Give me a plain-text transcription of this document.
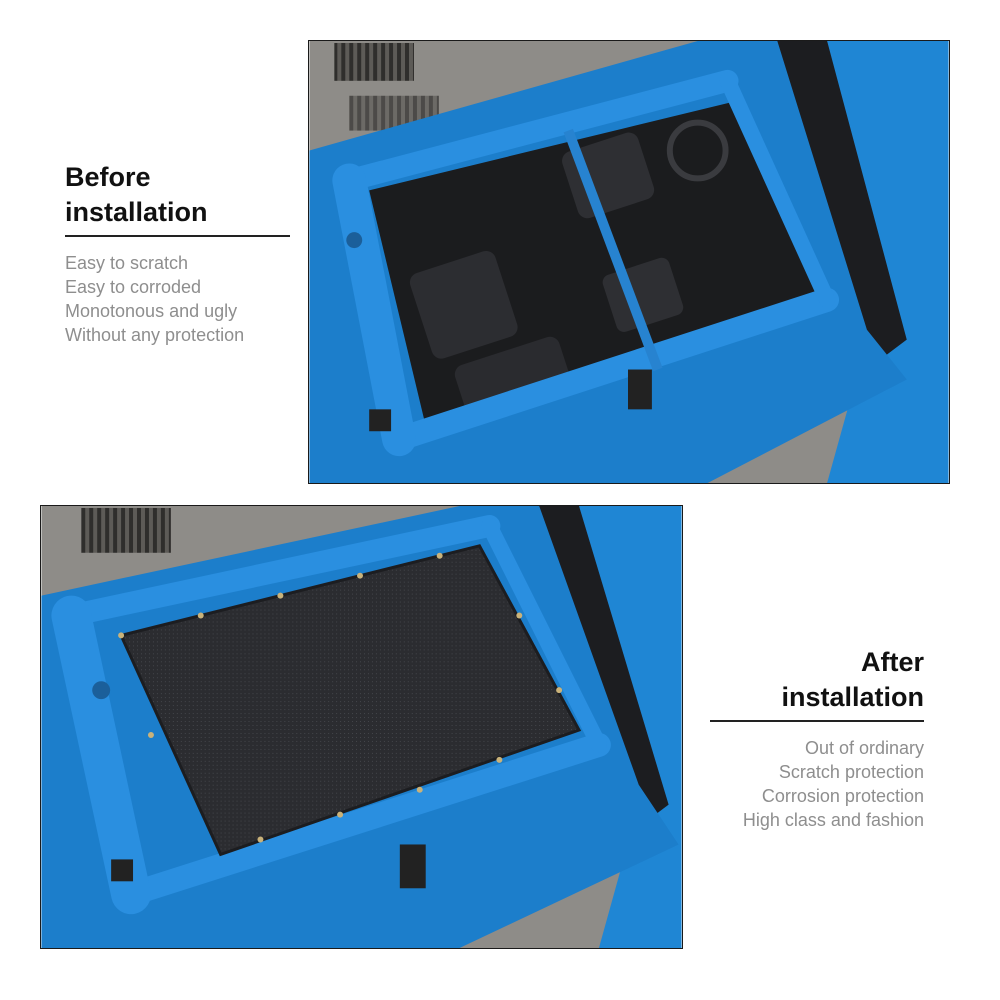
Before
installation
Easy to scratch
Easy to corroded
Monotonous and ugly
Without any protection
After
installation
Out of ordinary
Scratch protection
Corrosion protection
High class and fashion
